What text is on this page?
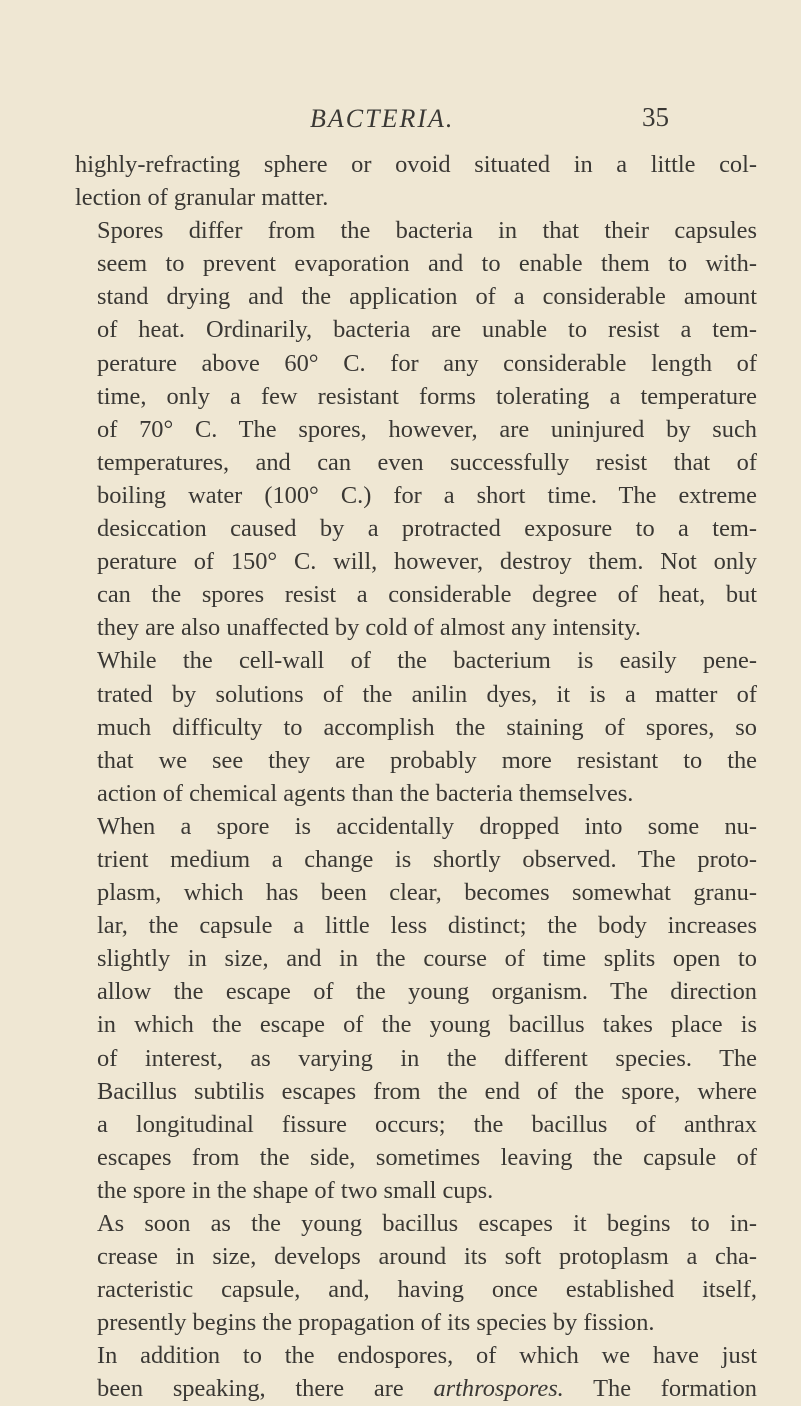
BACTERIA.	35

highly-refracting sphere or ovoid situated in a little col-
lection of granular matter.

Spores differ from the bacteria in that their capsules
seem to prevent evaporation and to enable them to with-
stand drying and the application of a considerable amount
of heat. Ordinarily, bacteria are unable to resist a tem-
perature above 60° C. for any considerable length of
time, only a few resistant forms tolerating a temperature
of 70° C. The spores, however, are uninjured by such
temperatures, and can even successfully resist that of
boiling water (100° C.) for a short time. The extreme
desiccation caused by a protracted exposure to a tem-
perature of 150° C. will, however, destroy them. Not only
can the spores resist a considerable degree of heat, but
they are also unaffected by cold of almost any intensity.

While the cell-wall of the bacterium is easily pene-
trated by solutions of the anilin dyes, it is a matter of
much difficulty to accomplish the staining of spores, so
that we see they are probably more resistant to the
action of chemical agents than the bacteria themselves.

When a spore is accidentally dropped into some nu-
trient medium a change is shortly observed. The proto-
plasm, which has been clear, becomes somewhat granu-
lar, the capsule a little less distinct; the body increases
slightly in size, and in the course of time splits open to
allow the escape of the young organism. The direction
in which the escape of the young bacillus takes place is
of interest, as varying in the different species. The
Bacillus subtilis escapes from the end of the spore, where
a longitudinal fissure occurs; the bacillus of anthrax
escapes from the side, sometimes leaving the capsule of
the spore in the shape of two small cups.

As soon as the young bacillus escapes it begins to in-
crease in size, develops around its soft protoplasm a cha-
racteristic capsule, and, having once established itself,
presently begins the propagation of its species by fission.

In addition to the endospores, of which we have just
been speaking, there are arthrospores. The formation
